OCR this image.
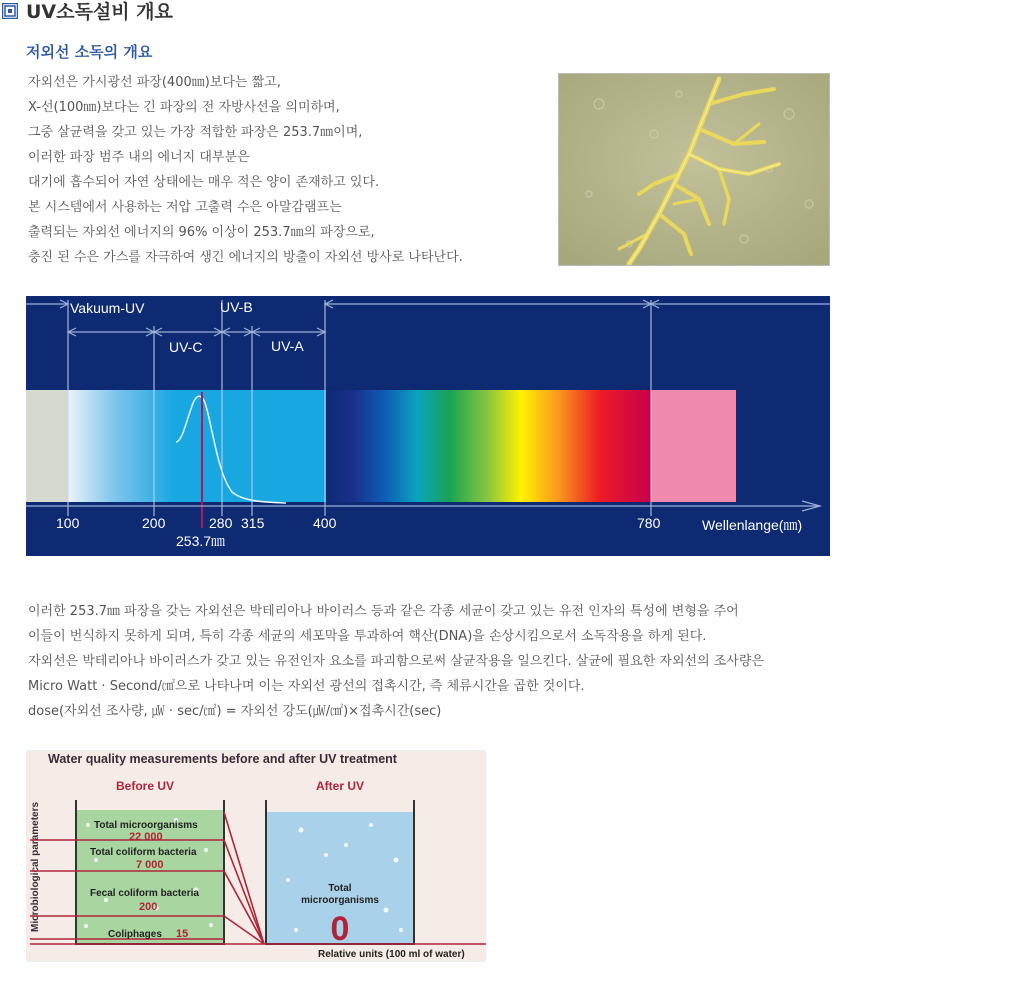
UV소독설비 개요
저외선 소독의 개요
자외선은 가시광선 파장(400㎚)보다는 짧고,
X-선(100㎚)보다는 긴 파장의 전 자방사선을 의미하며,
그중 살균력을 갖고 있는 가장 적합한 파장은 253.7㎚이며,
이러한 파장 범주 내의 에너지 대부분은
대기에 흡수되어 자연 상태에는 매우 적은 양이 존재하고 있다.
본 시스템에서 사용하는 저압 고출력 수은 아말감램프는
출력되는 자외선 에너지의 96% 이상이 253.7㎚의 파장으로,
충진 된 수은 가스를 자극하여 생긴 에너지의 방출이 자외선 방사로 나타난다.
Vakuum-UV	UV-B
UV-C	UV-A
100	200	280 315	400	780
253.7㎚
Wellenlange(㎚)
이러한 253.7㎚ 파장을 갖는 자외선은 박테리아나 바이러스 등과 같은 각종 세균이 갖고 있는 유전 인자의 특성에 변형을 주어
이들이 번식하지 못하게 되며, 특히 각종 세균의 세포막을 투과하여 핵산(DNA)을 손상시킴으로서 소독작용을 하게 된다.
자외선은 박테리아나 바이러스가 갖고 있는 유전인자 요소를 파괴함으로써 살균작용을 일으킨다. 살균에 필요한 자외선의 조사량은
Micro Watt · Second/㎠으로 나타나며 이는 자외선 광선의 접촉시간, 즉 체류시간을 곱한 것이다.
dose(자외선 조사량, ㎼ · sec/㎠) = 자외선 강도(㎼/㎠)×접촉시간(sec)
Water quality measurements before and after UV treatment
Microbiological parameters
Before UV	After UV
Total microorganisms
22 000
Total coliform bacteria
7 000
Fecal coliform bacteria
200
Coliphages 15
Total
microorganisms
0
Relative units (100 ml of water)
